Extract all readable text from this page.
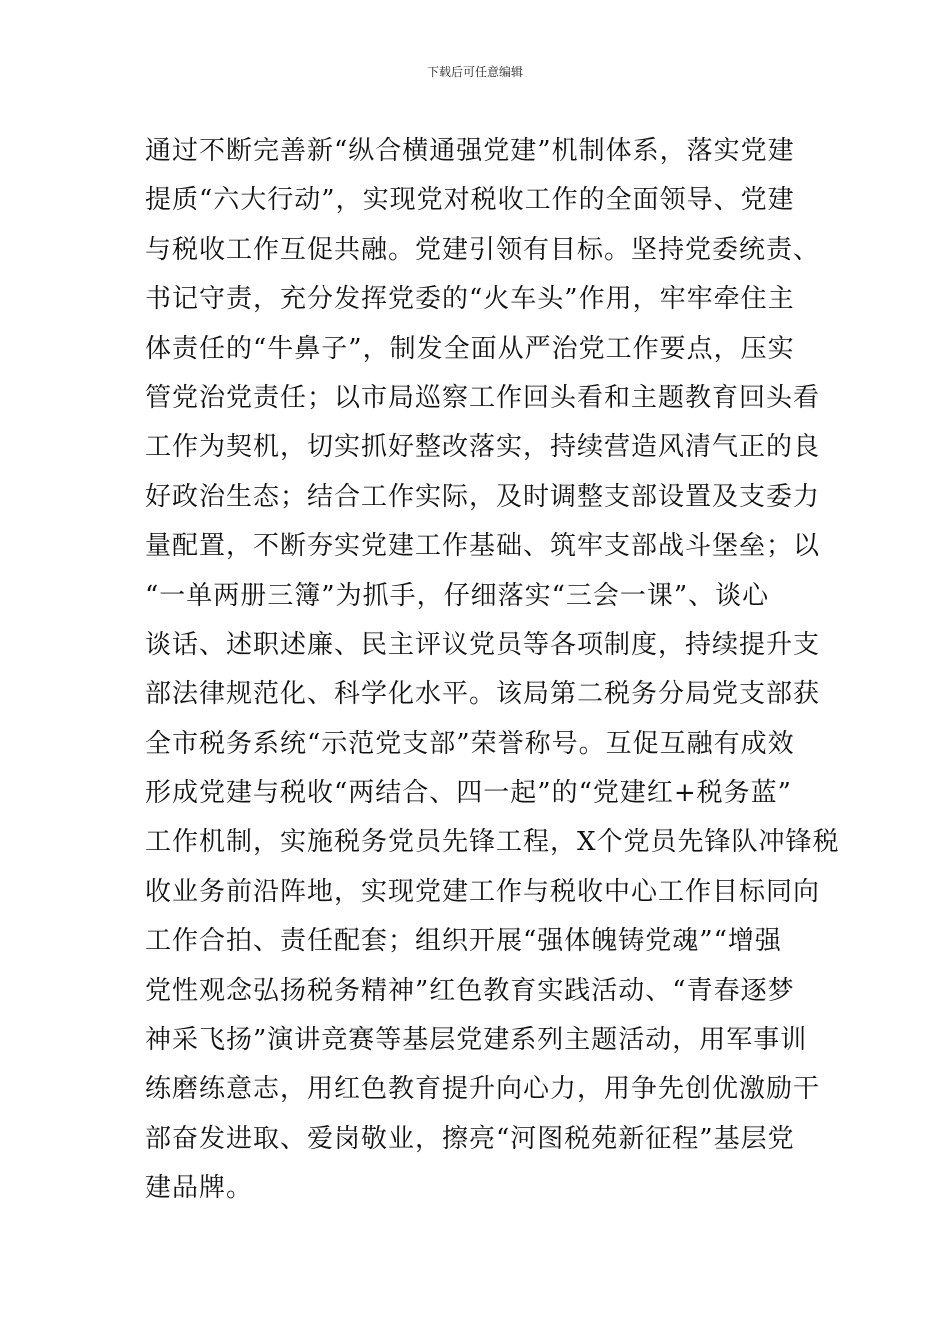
下载后可任意编辑
通过不断完善新“纵合横通强党建”机制体系，落实党建
提质“六大行动”，实现党对税收工作的全面领导、党建
与税收工作互促共融。党建引领有目标。坚持党委统责、
书记守责，充分发挥党委的“火车头”作用，牢牢牵住主
体责任的“牛鼻子”，制发全面从严治党工作要点，压实
管党治党责任；以市局巡察工作回头看和主题教育回头看
工作为契机，切实抓好整改落实，持续营造风清气正的良
好政治生态；结合工作实际，及时调整支部设置及支委力
量配置，不断夯实党建工作基础、筑牢支部战斗堡垒；以
“一单两册三簿”为抓手，仔细落实“三会一课”、谈心
谈话、述职述廉、民主评议党员等各项制度，持续提升支
部法律规范化、科学化水平。该局第二税务分局党支部获
全市税务系统“示范党支部”荣誉称号。互促互融有成效
形成党建与税收“两结合、四一起”的“党建红+税务蓝”
工作机制，实施税务党员先锋工程，X个党员先锋队冲锋税
收业务前沿阵地，实现党建工作与税收中心工作目标同向
工作合拍、责任配套；组织开展“强体魄铸党魂”“增强
党性观念弘扬税务精神”红色教育实践活动、“青春逐梦
神采飞扬”演讲竞赛等基层党建系列主题活动，用军事训
练磨练意志，用红色教育提升向心力，用争先创优激励干
部奋发进取、爱岗敬业，擦亮“河图税苑新征程”基层党
建品牌。
